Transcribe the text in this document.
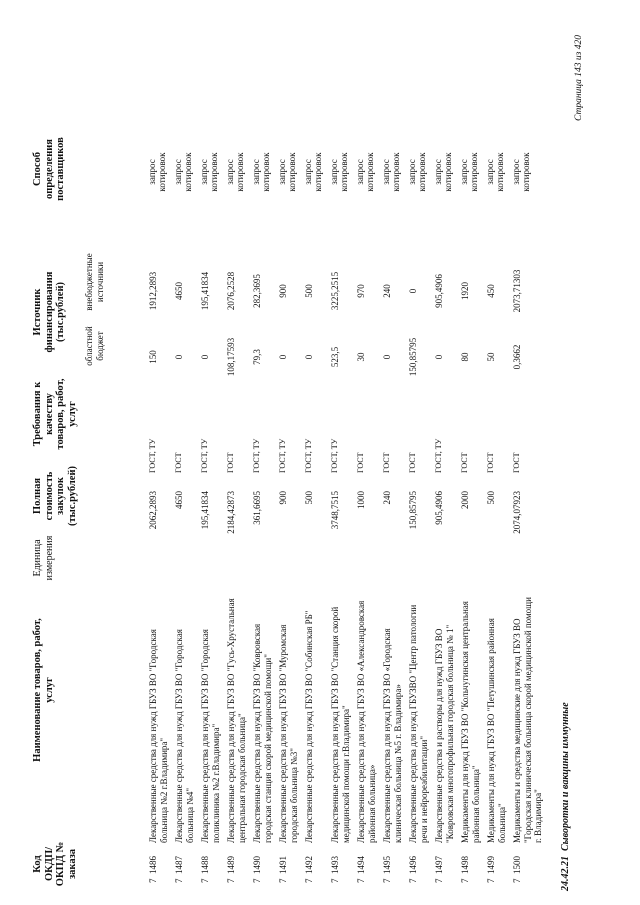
Код ОКДП/ ОКПД № заказа
Наименование товаров, работ, услуг
Единица измерения
Полная стоимость закупок (тыс.рублей)
Требования к качеству товаров, работ, услуг
Источник финансирования (тыс.рублей)
областной бюджет
внебюджетные источники
Способ определения поставщиков
7  1486
Лекарственные средства для нужд ГБУЗ ВО "Городская больница №2 г.Владимира"
2062,2893
ГОСТ, ТУ
150
1912,2893
запрос котировок
7  1487
Лекарственные средства для нужд ГБУЗ ВО "Городская больница №4"
4650
ГОСТ
0
4650
запрос котировок
7  1488
Лекарственные средства для нужд ГБУЗ ВО "Городская поликлиника №2 г.Владимира"
195,41834
ГОСТ, ТУ
0
195,41834
запрос котировок
7  1489
Лекарственные средства для нужд ГБУЗ ВО "Гусь-Хрустальная центральная городская больница"
2184,42873
ГОСТ
108,17593
2076,2528
запрос котировок
7  1490
Лекарственные средства для нужд ГБУЗ ВО "Ковровская городская станция скорой медицинской помощи"
361,6695
ГОСТ, ТУ
79,3
282,3695
запрос котировок
7  1491
Лекарственные средства для нужд ГБУЗ ВО "Муромская городская больница №3"
900
ГОСТ, ТУ
0
900
запрос котировок
7  1492
Лекарственные средства для нужд ГБУЗ ВО "Собинская РБ"
500
ГОСТ, ТУ
0
500
запрос котировок
7  1493
Лекарственные средства для нужд ГБУЗ ВО "Станция скорой медицинской помощи г.Владимира"
3748,7515
ГОСТ, ТУ
523,5
3225,2515
запрос котировок
7  1494
Лекарственные средства для нужд ГБУЗ ВО «Александровская районная больница»
1000
ГОСТ
30
970
запрос котировок
7  1495
Лекарственные средства для нужд ГБУЗ ВО «Городская клиническая больница №5 г. Владимира»
240
ГОСТ
0
240
запрос котировок
7  1496
Лекарственные средства для нужд ГБУЗВО "Центр патологии речи и нейрореабилитации"
150,85795
ГОСТ
150,85795
0
запрос котировок
7  1497
Лекарственные средства и растворы для нужд ГБУЗ ВО "Ковровская многопрофильная городская больница № 1"
905,4906
ГОСТ, ТУ
0
905,4906
запрос котировок
7  1498
Медикаменты для нужд ГБУЗ ВО "Кольчугинская центральная районная больница"
2000
ГОСТ
80
1920
запрос котировок
7  1499
Медикаменты для нужд ГБУЗ ВО "Петушинская районная больница"
500
ГОСТ
50
450
запрос котировок
7  1500
Медикаменты и средства медицинские для нужд ГБУЗ ВО "Городская клиническая больница скорой медицинской помощи г. Владимира"
2074,07923
ГОСТ
0,3662
2073,71303
запрос котировок
24.42.21  Сыворотки и вакцины иммунные
Страница 143 из 420
